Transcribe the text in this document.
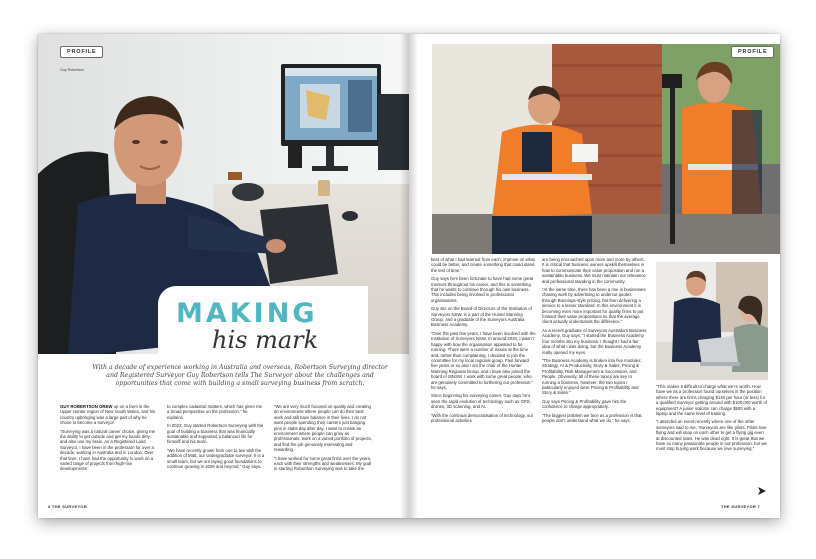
PROFILE
Guy Robertson
MAKING
his mark
With a decade of experience working in Australia and overseas, Robertson Surveying director and Registered Surveyor Guy Robertson tells The Surveyor about the challenges and opportunities that come with building a small surveying business from scratch.

GUY ROBERTSON GREW up on a farm in the Upper Hunter region of New South Wales, and his country upbringing was a large part of why he chose to become a surveyor.

“Surveying was a natural career choice, giving me the ability to get outside and get my hands dirty, and also use my brain. As a Registered Land Surveyor, I have been in the profession for over a decade, working in Australia and in London. Over that time, I have had the opportunity to work on a varied range of projects from high-rise developments

to complex cadastral matters, which has given me a broad perspective on the profession,” he explains.

In 2022, Guy started Robertson Surveying with the goal of building a business that was financially sustainable and supported a balanced life for himself and his team.

“We have recently grown from one to two with the addition of Matt, our undergraduate surveyor. It is a small team, but we are laying good foundations to continue growing in 2026 and beyond,” Guy says.

“We are very much focused on quality and creating an environment where people can do their best work and still have balance in their lives. I do not want people spending their careers just banging pins in slabs day after day. I want to create an environment where people can grow as professionals, work on a varied portfolio of projects, and find the job genuinely interesting and rewarding.

“I have worked for some great firms over the years, each with their strengths and weaknesses. My goal in starting Robertson Surveying was to take the

6 THE SURVEYOR
PROFILE

best of what I had learned from each, improve on what could be better, and create something that could stand the test of time.”

Guy says he’s been fortunate to have had some great mentors throughout his career, and this is something that he wants to continue through his own business. This includes being involved in professional organisations.

Guy sits on the Board of Directors of the Institution of Surveyors NSW, is a part of the Hunter Manning Group, and a graduate of the Surveyors Australia Business Academy.

“Over the past few years, I have been involved with the Institution of Surveyors NSW. In around 2020, I wasn’t happy with how the organisation appeared to be running. There were a number of issues at the time and, rather than complaining, I decided to join the committee for my local regional group. Fast forward five years or so and I am the chair of the Hunter Manning Regional Group, and I have also joined the board of ISNSW. I work with some great people, who are genuinely committed to furthering our profession,” he says.

Since beginning his surveying career, Guy says he’s seen the rapid evolution of technology such as GPS, drones, 3D scanning, and AI.

“With the continual democratisation of technology, our professional activities

are being encroached upon more and more by others. It is critical that business owners upskill themselves in how to communicate their value proposition and run a sustainable business. We must maintain our relevance and professional standing in the community.

“At the same time, there has been a rise in businesses chasing work by advertising to undercut quotes through Bunnings-style pricing, but then delivering a service to a lesser standard. In this environment it is becoming even more important for quality firms to put forward their value propositions so that the average client actually understands the difference.”

As a recent graduate of Surveyors Australia’s Business Academy, Guy says, “I started the Business Academy four months into my business. I thought I had a fair idea of what I was doing, but the Business Academy really opened my eyes.

“The Business Academy is broken into five modules: Strategy, AI & Productivity, Story & Sales, Pricing & Profitability, Risk Management & Succession, and People. Obviously, all of these topics are key to running a business, however, the two topics I particularly enjoyed were Pricing & Profitability and Story & Sales.”

Guy says Pricing & Profitability gave him the confidence to charge appropriately.

“The biggest problem we face as a profession is that people don’t understand what we do,” he says.

“This makes it difficult to charge what we’re worth. How have we as a profession found ourselves in the position where there are firms charging $140 per hour (or less) for a qualified Surveyor getting around with $100,000 worth of equipment? A junior solicitor can charge $500 with a laptop and the same level of training.

“I attended an event recently where one of the other surveyors said to me, ‘Surveyors are like pilots. Pilots love flying and will snap on each other to get a flying gig even at discounted rates. He was dead right. It is great that we have so many passionate people in our profession, but we must stop buying work because we love surveying.”

THE SURVEYOR 7
